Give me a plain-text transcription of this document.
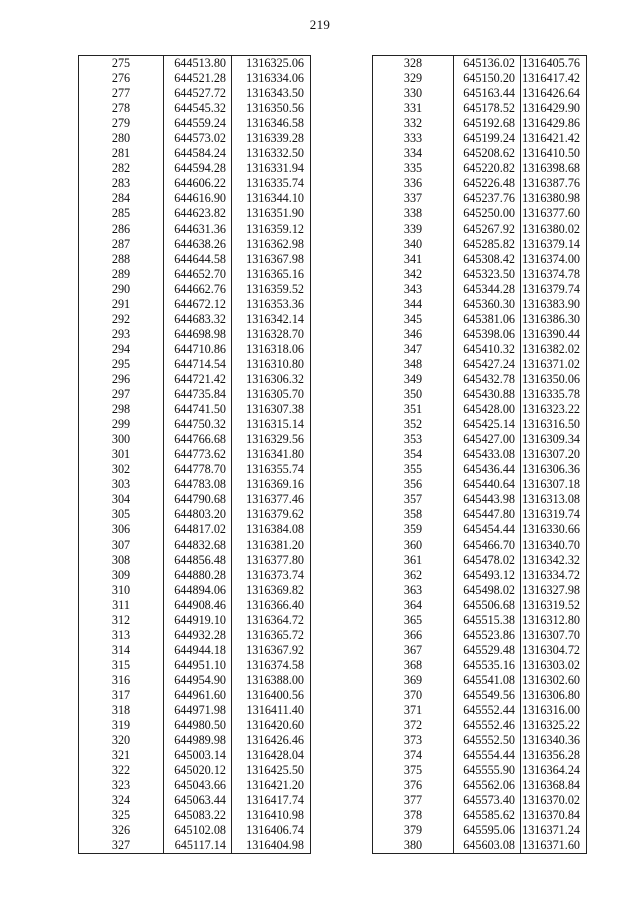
219
275	644513.80	1316325.06
276	644521.28	1316334.06
277	644527.72	1316343.50
278	644545.32	1316350.56
279	644559.24	1316346.58
280	644573.02	1316339.28
281	644584.24	1316332.50
282	644594.28	1316331.94
283	644606.22	1316335.74
284	644616.90	1316344.10
285	644623.82	1316351.90
286	644631.36	1316359.12
287	644638.26	1316362.98
288	644644.58	1316367.98
289	644652.70	1316365.16
290	644662.76	1316359.52
291	644672.12	1316353.36
292	644683.32	1316342.14
293	644698.98	1316328.70
294	644710.86	1316318.06
295	644714.54	1316310.80
296	644721.42	1316306.32
297	644735.84	1316305.70
298	644741.50	1316307.38
299	644750.32	1316315.14
300	644766.68	1316329.56
301	644773.62	1316341.80
302	644778.70	1316355.74
303	644783.08	1316369.16
304	644790.68	1316377.46
305	644803.20	1316379.62
306	644817.02	1316384.08
307	644832.68	1316381.20
308	644856.48	1316377.80
309	644880.28	1316373.74
310	644894.06	1316369.82
311	644908.46	1316366.40
312	644919.10	1316364.72
313	644932.28	1316365.72
314	644944.18	1316367.92
315	644951.10	1316374.58
316	644954.90	1316388.00
317	644961.60	1316400.56
318	644971.98	1316411.40
319	644980.50	1316420.60
320	644989.98	1316426.46
321	645003.14	1316428.04
322	645020.12	1316425.50
323	645043.66	1316421.20
324	645063.44	1316417.74
325	645083.22	1316410.98
326	645102.08	1316406.74
327	645117.14	1316404.98
328	645136.02	1316405.76
329	645150.20	1316417.42
330	645163.44	1316426.64
331	645178.52	1316429.90
332	645192.68	1316429.86
333	645199.24	1316421.42
334	645208.62	1316410.50
335	645220.82	1316398.68
336	645226.48	1316387.76
337	645237.76	1316380.98
338	645250.00	1316377.60
339	645267.92	1316380.02
340	645285.82	1316379.14
341	645308.42	1316374.00
342	645323.50	1316374.78
343	645344.28	1316379.74
344	645360.30	1316383.90
345	645381.06	1316386.30
346	645398.06	1316390.44
347	645410.32	1316382.02
348	645427.24	1316371.02
349	645432.78	1316350.06
350	645430.88	1316335.78
351	645428.00	1316323.22
352	645425.14	1316316.50
353	645427.00	1316309.34
354	645433.08	1316307.20
355	645436.44	1316306.36
356	645440.64	1316307.18
357	645443.98	1316313.08
358	645447.80	1316319.74
359	645454.44	1316330.66
360	645466.70	1316340.70
361	645478.02	1316342.32
362	645493.12	1316334.72
363	645498.02	1316327.98
364	645506.68	1316319.52
365	645515.38	1316312.80
366	645523.86	1316307.70
367	645529.48	1316304.72
368	645535.16	1316303.02
369	645541.08	1316302.60
370	645549.56	1316306.80
371	645552.44	1316316.00
372	645552.46	1316325.22
373	645552.50	1316340.36
374	645554.44	1316356.28
375	645555.90	1316364.24
376	645562.06	1316368.84
377	645573.40	1316370.02
378	645585.62	1316370.84
379	645595.06	1316371.24
380	645603.08	1316371.60
